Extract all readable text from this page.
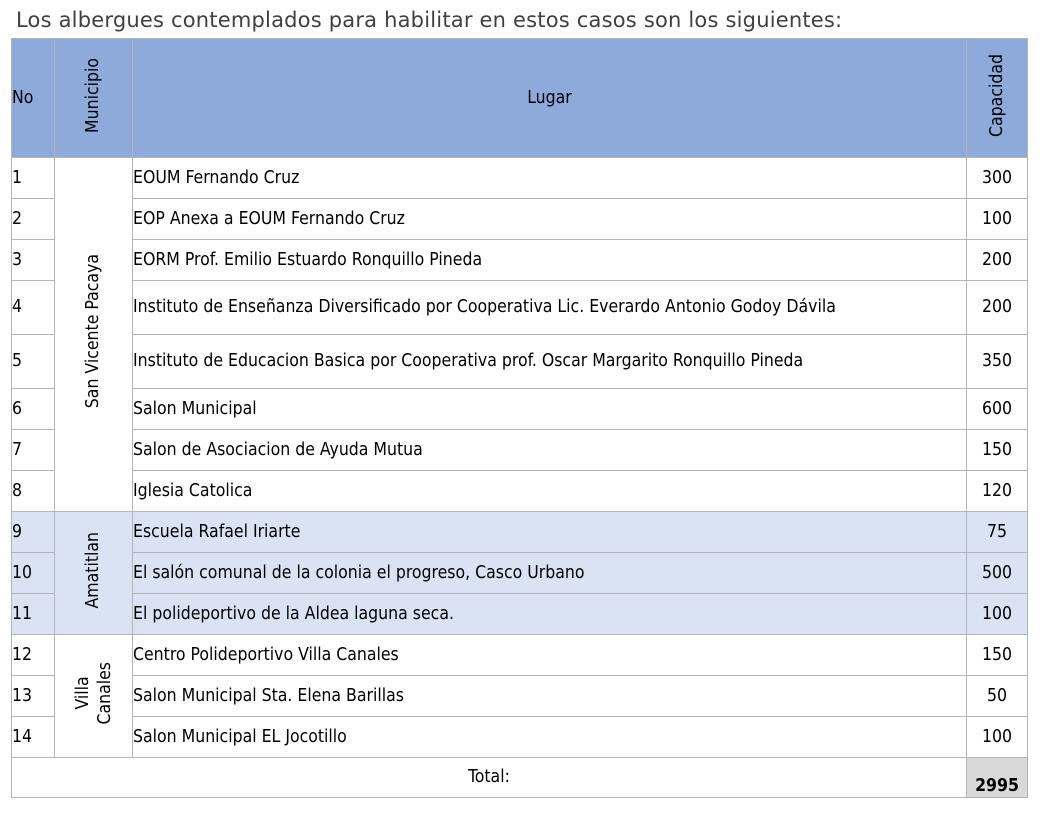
Los albergues contemplados para habilitar en estos casos son los siguientes:
No	Municipio	Lugar	Capacidad
1	San Vicente Pacaya	EOUM Fernando Cruz	300
2		EOP Anexa a EOUM Fernando Cruz	100
3		EORM Prof. Emilio Estuardo Ronquillo Pineda	200
4		Instituto de Enseñanza Diversificado por Cooperativa Lic. Everardo Antonio Godoy Dávila	200
5		Instituto de Educacion Basica por Cooperativa prof. Oscar Margarito Ronquillo Pineda	350
6		Salon Municipal	600
7		Salon de Asociacion de Ayuda Mutua	150
8		Iglesia Catolica	120
9	Amatitlan	Escuela Rafael Iriarte	75
10		El salón comunal de la colonia el progreso, Casco Urbano	500
11		El polideportivo de la Aldea laguna seca.	100
12	Villa Canales	Centro Polideportivo Villa Canales	150
13		Salon Municipal Sta. Elena Barillas	50
14		Salon Municipal EL Jocotillo	100
Total:			2995
